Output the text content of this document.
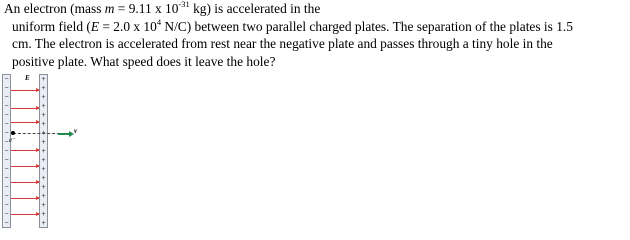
An electron (mass m = 9.11 x $10^{-31}$ kg) is accelerated in the
uniform field (E = 2.0 x $10^4$ N/C) between two parallel charged plates. The separation of the plates is 1.5
cm. The electron is accelerated from rest near the negative plate and passes through a tiny hole in the
positive plate. What speed does it leave the hole?
E
e⁻
v
−	+
−	+
−	+
−	+
−	+
−	+
−	+
−	+
−	+
−	+
−	+
−	+
−	+
−	+
−	+
−	+
−	+
